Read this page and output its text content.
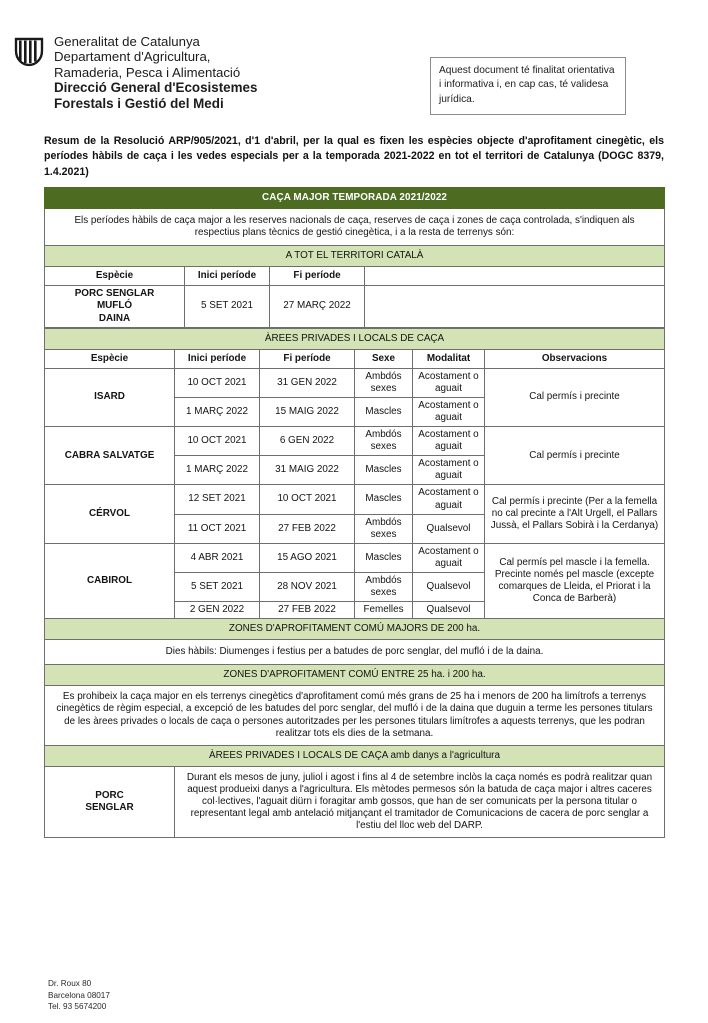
Generalitat de Catalunya
Departament d'Agricultura,
Ramaderia, Pesca i Alimentació
Direcció General d'Ecosistemes
Forestals i Gestió del Medi
Aquest document té finalitat orientativa i informativa i, en cap cas, té validesa jurídica.
Resum de la Resolució ARP/905/2021, d'1 d'abril, per la qual es fixen les espècies objecte d'aprofitament cinegètic, els períodes hàbils de caça i les vedes especials per a la temporada 2021-2022 en tot el territori de Catalunya (DOGC 8379, 1.4.2021)
CAÇA MAJOR TEMPORADA 2021/2022			
Els períodes hàbils de caça major a les reserves nacionals de caça, reserves de caça i zones de caça controlada, s'indiquen als respectius plans tècnics de gestió cinegètica, i a la resta de terrenys són:			
A TOT EL TERRITORI CATALÀ			
Espècie	Inici període	Fi període	

PORC SENGLAR
MUFLÓ
DAINA	5 SET 2021	27 MARÇ 2022	
ÀREES PRIVADES I LOCALS DE CAÇA					
Espècie	Inici període	Fi període	Sexe	Modalitat	Observacions
ISARD	10 OCT 2021	31 GEN 2022	Ambdós sexes	Acostament o aguait	Cal permís i precinte
	1 MARÇ 2022	15 MAIG 2022	Mascles	Acostament o aguait	
CABRA SALVATGE	10 OCT 2021	6 GEN 2022	Ambdós sexes	Acostament o aguait	Cal permís i precinte
	1 MARÇ 2022	31 MAIG 2022	Mascles	Acostament o aguait	
CÉRVOL	12 SET 2021	10 OCT 2021	Mascles	Acostament o aguait	Cal permís i precinte (Per a la femella no cal precinte a l'Alt Urgell, el Pallars Jussà, el Pallars Sobirà i la Cerdanya)
	11 OCT 2021	27 FEB 2022	Ambdós sexes	Qualsevol	
CABIROL	4 ABR 2021	15 AGO 2021	Mascles	Acostament o aguait	Cal permís pel mascle i la femella. Precinte només pel mascle (excepte comarques de Lleida, el Priorat i la Conca de Barberà)
	5 SET 2021	28 NOV 2021	Ambdós sexes	Qualsevol	
	2 GEN 2022	27 FEB 2022	Femelles	Qualsevol	
ZONES D'APROFITAMENT COMÚ MAJORS DE 200 ha.					
Dies hàbils: Diumenges i festius per a batudes de porc senglar, del mufló i de la daina.					
ZONES D'APROFITAMENT COMÚ ENTRE 25 ha. i 200 ha.					
Es prohibeix la caça major en els terrenys cinegètics d'aprofitament comú més grans de 25 ha i menors de 200 ha limítrofs a terrenys cinegètics de règim especial, a excepció de les batudes del porc senglar, del mufló i de la daina que duguin a terme les persones titulars de les àrees privades o locals de caça o persones autoritzades per les persones titulars limítrofes a aquests terrenys, que les podran realitzar tots els dies de la setmana.					
ÀREES PRIVADES I LOCALS DE CAÇA amb danys a l'agricultura					

PORC
SENGLAR	Durant els mesos de juny, juliol i agost i fins al 4 de setembre inclòs la caça només es podrà realitzar quan aquest produeixi danys a l'agricultura. Els mètodes permesos són la batuda de caça major i altres caceres col·lectives, l'aguait diürn i foragitar amb gossos, que han de ser comunicats per la persona titular o representant legal amb antelació mitjançant el tramitador de Comunicacions de cacera de porc senglar a l'estiu del lloc web del DARP.				
Dr. Roux 80
Barcelona 08017
Tel. 93 5674200
